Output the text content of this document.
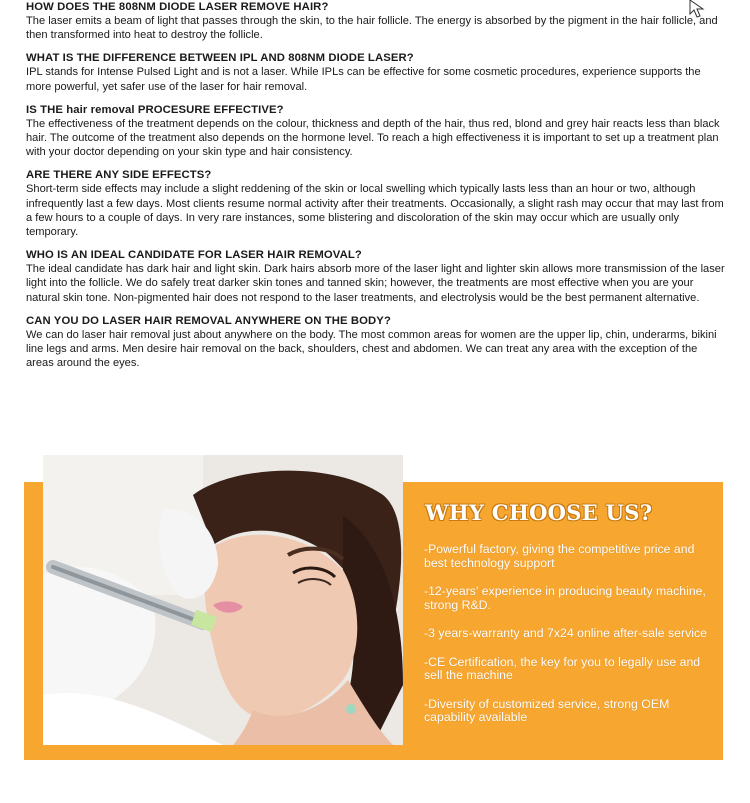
HOW DOES THE 808NM DIODE LASER REMOVE HAIR?
The laser emits a beam of light that passes through the skin, to the hair follicle. The energy is absorbed by the pigment in the hair follicle, and then transformed into heat to destroy the follicle.
WHAT IS THE DIFFERENCE BETWEEN IPL AND 808NM DIODE LASER?
IPL stands for Intense Pulsed Light and is not a laser. While IPLs can be effective for some cosmetic procedures, experience supports the more powerful, yet safer use of the laser for hair removal.
IS THE hair removal PROCESURE EFFECTIVE?
The effectiveness of the treatment depends on the colour, thickness and depth of the hair, thus red, blond and grey hair reacts less than black hair. The outcome of the treatment also depends on the hormone level. To reach a high effectiveness it is important to set up a treatment plan with your doctor depending on your skin type and hair consistency.
ARE THERE ANY SIDE EFFECTS?
Short-term side effects may include a slight reddening of the skin or local swelling which typically lasts less than an hour or two, although infrequently last a few days. Most clients resume normal activity after their treatments. Occasionally, a slight rash may occur that may last from a few hours to a couple of days. In very rare instances, some blistering and discoloration of the skin may occur which are usually only temporary.
WHO IS AN IDEAL CANDIDATE FOR LASER HAIR REMOVAL?
The ideal candidate has dark hair and light skin. Dark hairs absorb more of the laser light and lighter skin allows more transmission of the laser light into the follicle. We do safely treat darker skin tones and tanned skin; however, the treatments are most effective when you are your natural skin tone. Non-pigmented hair does not respond to the laser treatments, and electrolysis would be the best permanent alternative.
CAN YOU DO LASER HAIR REMOVAL ANYWHERE ON THE BODY?
We can do laser hair removal just about anywhere on the body. The most common areas for women are the upper lip, chin, underarms, bikini line legs and arms. Men desire hair removal on the back, shoulders, chest and abdomen. We can treat any area with the exception of the areas around the eyes.
WHY CHOOSE US?
-Powerful factory, giving the competitive price and best technology support
-12-years' experience in producing beauty machine, strong R&D.
-3 years-warranty and 7x24 online after-sale service
-CE Certification, the key for you to legally use and sell the machine
-Diversity of customized service, strong OEM capability available
